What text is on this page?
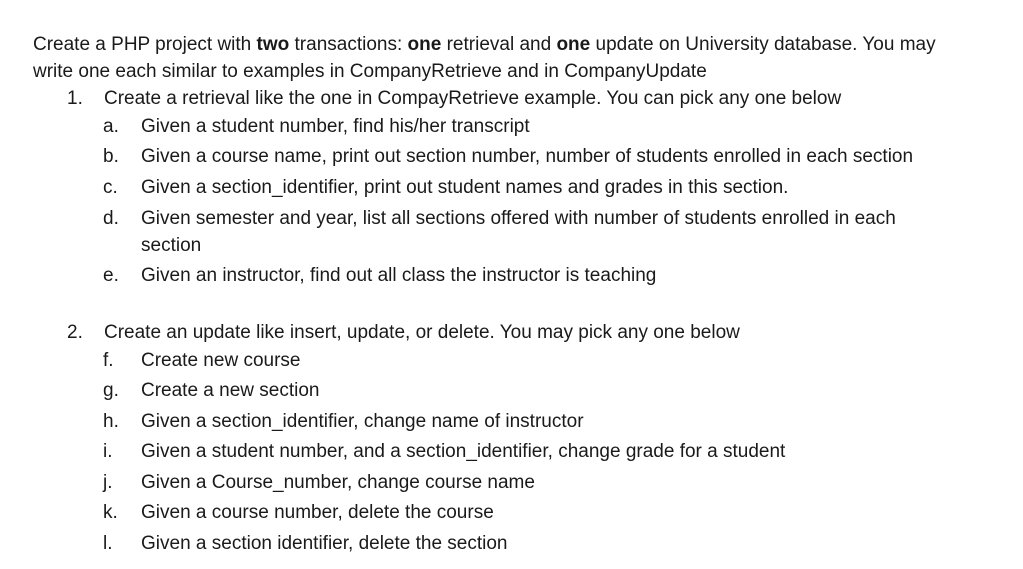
Create a PHP project with two transactions: one retrieval and one update on University database. You may
write one each similar to examples in CompanyRetrieve and in CompanyUpdate
1. Create a retrieval like the one in CompayRetrieve example. You can pick any one below
a. Given a student number, find his/her transcript
b. Given a course name, print out section number, number of students enrolled in each section
c. Given a section_identifier, print out student names and grades in this section.
d. Given semester and year, list all sections offered with number of students enrolled in each
section
e. Given an instructor, find out all class the instructor is teaching
2. Create an update like insert, update, or delete. You may pick any one below
f. Create new course
g. Create a new section
h. Given a section_identifier, change name of instructor
i. Given a student number, and a section_identifier, change grade for a student
j. Given a Course_number, change course name
k. Given a course number, delete the course
l. Given a section identifier, delete the section
